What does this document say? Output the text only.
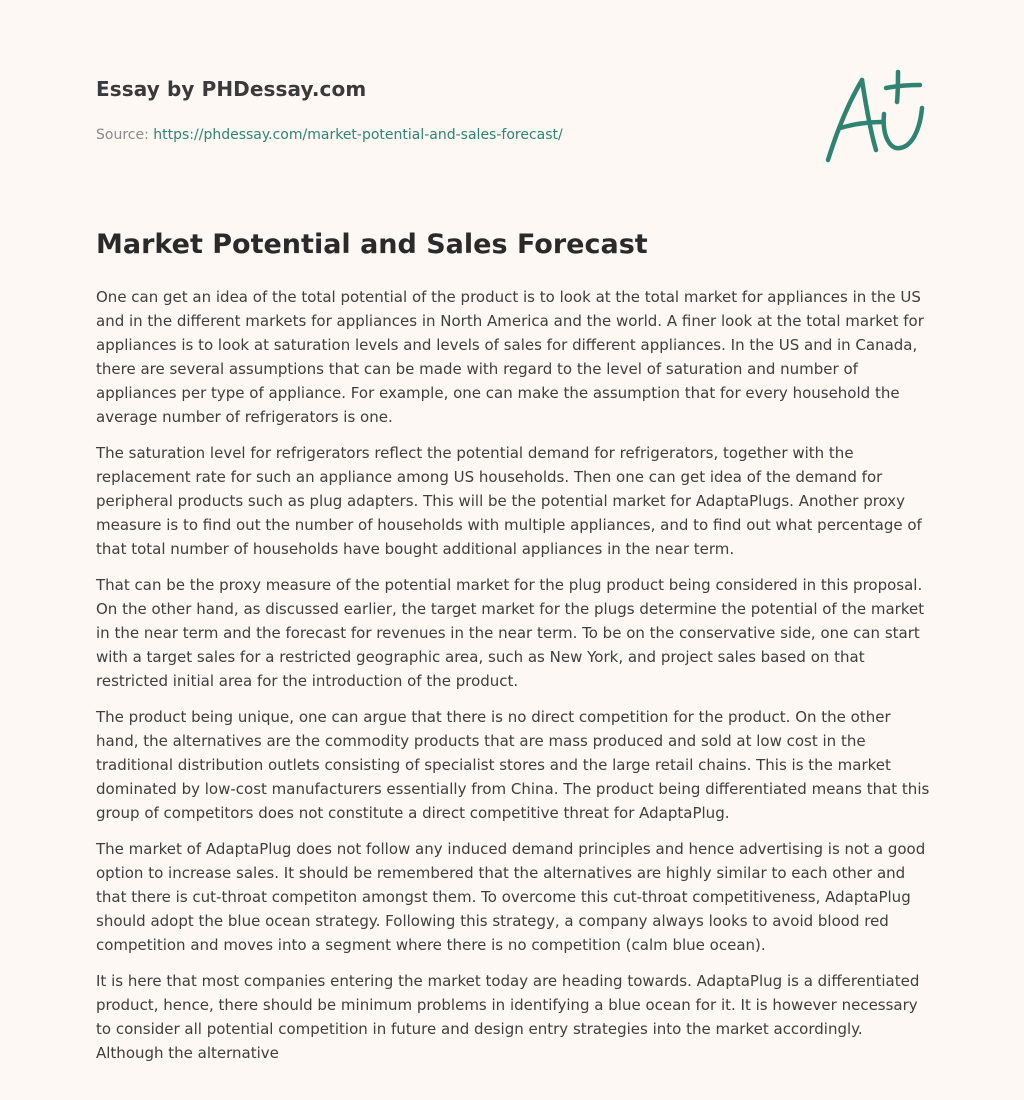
Essay by PHDessay.com
Source: https://phdessay.com/market-potential-and-sales-forecast/
Market Potential and Sales Forecast

One can get an idea of the total potential of the product is to look at the total market for appliances in the US and in the different markets for appliances in North America and the world. A finer look at the total market for appliances is to look at saturation levels and levels of sales for different appliances. In the US and in Canada, there are several assumptions that can be made with regard to the level of saturation and number of appliances per type of appliance. For example, one can make the assumption that for every household the average number of refrigerators is one.

The saturation level for refrigerators reflect the potential demand for refrigerators, together with the replacement rate for such an appliance among US households. Then one can get idea of the demand for peripheral products such as plug adapters. This will be the potential market for AdaptaPlugs. Another proxy measure is to find out the number of households with multiple appliances, and to find out what percentage of that total number of households have bought additional appliances in the near term.

That can be the proxy measure of the potential market for the plug product being considered in this proposal. On the other hand, as discussed earlier, the target market for the plugs determine the potential of the market in the near term and the forecast for revenues in the near term. To be on the conservative side, one can start with a target sales for a restricted geographic area, such as New York, and project sales based on that restricted initial area for the introduction of the product.

The product being unique, one can argue that there is no direct competition for the product. On the other hand, the alternatives are the commodity products that are mass produced and sold at low cost in the traditional distribution outlets consisting of specialist stores and the large retail chains. This is the market dominated by low-cost manufacturers essentially from China. The product being differentiated means that this group of competitors does not constitute a direct competitive threat for AdaptaPlug.

The market of AdaptaPlug does not follow any induced demand principles and hence advertising is not a good option to increase sales. It should be remembered that the alternatives are highly similar to each other and that there is cut-throat competiton amongst them. To overcome this cut-throat competitiveness, AdaptaPlug should adopt the blue ocean strategy. Following this strategy, a company always looks to avoid blood red competition and moves into a segment where there is no competition (calm blue ocean).

It is here that most companies entering the market today are heading towards. AdaptaPlug is a differentiated product, hence, there should be minimum problems in identifying a blue ocean for it. It is however necessary to consider all potential competition in future and design entry strategies into the market accordingly. Although the alternative
